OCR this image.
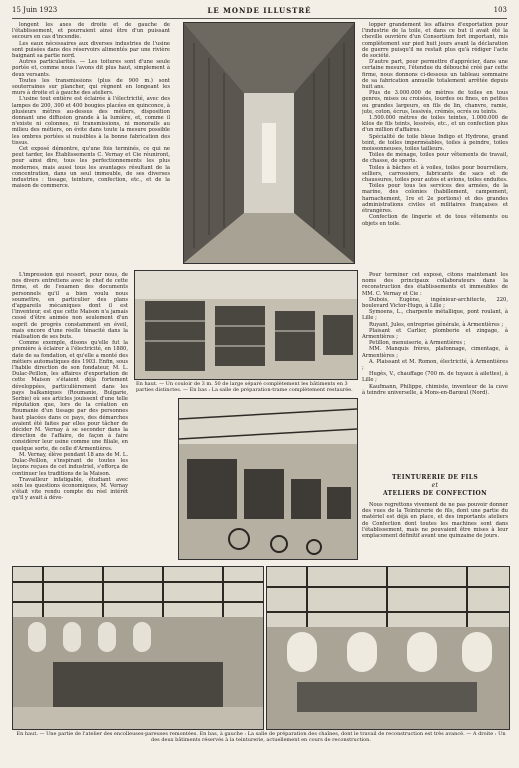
15 Juin 1923	LE MONDE ILLUSTRÉ	103

longent les axes de droite et de gauche de l'établissement, et pourraient ainsi être d'un puissant secours en cas d'incendie.

Les eaux nécessaires aux diverses industries de l'usine sont puisées dans des réservoirs alimentés par une rivière baignant sa partie nord.

Autres particularités. — Les toitures sont d'une seule portée et, comme nous l'avons dit plus haut, simplement à deux versants.

Toutes les transmissions (plus de 900 m.) sont souterraines sur plancher, qui règnent en longeant les murs à droite et à gauche des ateliers.

L'usine tout entière est éclairée à l'électricité, avec des lampes de 200, 300 et 400 bougies placées en quinconce, à plusieurs mètres au-dessus des métiers, disposition donnant une diffusion grande à la lumière, et, comme il n'existe ni colonnes, ni transmissions, ni monorails au milieu des métiers, on évite dans toute la mesure possible les ombres portées si nuisibles à la bonne fabrication des tissus.

Cet exposé démontre, qu'une fois terminés, ce qui ne peut tarder, les Établissements C. Vernay et Cie réuniront, pour ainsi dire, tous les perfectionnements les plus modernes, mais aussi tous les avantages résultant de la concentration, dans un seul immeuble, de ses diverses industries : tissage, teinture, confection, etc., et de la maison de commerce.

lopper grandement les affaires d'exportation pour l'industrie de la toile, et dans ce but il avait été la cheville ouvrière d'un Consortium fort important, mis complètement sur pied huit jours avant la déclaration de guerre puisqu'il ne restait plus qu'à rédiger l'acte de société.

D'autre part, pour permettre d'apprécier, dans une certaine mesure, l'étendue du débouché créé par cette firme, nous donnons ci-dessous un tableau sommaire de sa fabrication annuelle totalement arrêtée depuis huit ans.

Plus de 3.000.000 de mètres de toiles en tous genres, mises ou croisées, lourdes ou fines, en petites ou grandes largeurs, en fils de lin, chanvre, ramie, jute, coton, écrus, lessivés, crémés, ocrés ou teints.

1.500.000 mètres de toiles teintes, 1.000.000 de kilos de fils teints, lessivés, etc., et un confection plus d'un million d'affaires.

Spécialité de toile bleue Indigo et Hydrone, grand teint, de toiles imperméables, toiles à peindre, toiles moissonneuses, toiles tailleurs.

Toiles de ménage, toiles pour vêtements de travail, de chasse, de sports.

Toiles à bâches et à voiles, toiles pour bourreliers, selliers, carrossiers, fabricants de sacs et de chaussures, toiles pour autos et avions, toiles enduites.

Toiles pour tous les services des armées, de la marine, des colonies (habillement, campement, harnachement, 1re et 2e portions) et des grandes administrations civiles et militaires françaises et étrangères.

Confection de lingerie et de tous vêtements ou objets en toile.

L'impression qui ressort, pour nous, de nos divers entretiens avec le chef de cette firme, et de l'examen des documents personnels qu'il a bien voulu nous soumettre, en particulier des plans d'appareils mécaniques dont il est l'inventeur, est que cette Maison n'a jamais cessé d'être animée non seulement d'un esprit de progrès constamment en éveil, mais encore d'une réelle ténacité dans la réalisation de ses buts.

Comme exemple, disons qu'elle fut la première à éclairer à l'électricité, en 1880, date de sa fondation, et qu'elle a monté des métiers automatiques dès 1903. Enfin, sous l'habile direction de son fondateur, M. L. Dulac-Peillon, les affaires d'exportation de cette Maison s'étaient déjà fortement développées, particulièrement dans les pays balkaniques (Roumanie, Bulgarie, Serbie) où ses articles jouissent d'une telle réputation que, lors de la création en Roumanie d'un tissage par des personnes haut placées dans ce pays, des démarches avaient été faites par elles pour tâcher de décider M. Vernay à se seconder dans la direction de l'affaire, de façon à faire considérer leur usine comme une filiale, en quelque sorte, de celle d'Armentières.

M. Vernay, élève pendant 18 ans de M. L. Dulac-Peillon, s'inspirant de toutes les leçons reçues de cet industriel, s'efforça de continuer les traditions de la Maison.

Travailleur infatigable, étudiant avec soin les questions économiques, M. Vernay s'était vite rendu compte du réel intérêt qu'il y avait à déve-

En haut. — Un couloir de 3 m. 50 de large séparé complètement les bâtiments en 3 parties distinctes. — En bas : La salle de préparation-trame complètement restaurée.

Pour terminer cet exposé, citons maintenant les noms des principaux collaborateurs dans la reconstruction des établissements et immeubles de MM. C. Vernay et Cie :

Dubois, Eugène, ingénieur-architecte, 220, boulevard Victor-Hugo, à Lille ;

Symoens, L., charpente métallique, pont roulant, à Lille ;

Ruyant, Jules, entreprise générale, à Armentières ;

Plaisant et Carlier, plomberie et zingage, à Armentières ;

Petillon, menuiserie, à Armentières ;

MM. Manquis frères, plafonnage, cimentage, à Armentières ;

A. Plaissant et M. Romon, électricité, à Armentières ;

Hugès, V., chauffage (700 m. de tuyaux à ailettes), à Lille ;

Kaufmann, Philippe, chimiste, inventeur de la cuve à teindre universelle, à Mons-en-Barœul (Nord).

TEINTURERIE DE FILS
et
ATELIERS DE CONFECTION

Nous regrettons vivement de ne pas pouvoir donner des vues de la Teinturerie de fils, dont une partie du matériel est déjà en place, et des importants ateliers de Confection dont toutes les machines sont dans l'établissement, mais ne pouvaient être mises à leur emplacement définitif avant une quinzaine de jours.

En haut. — Une partie de l'atelier des encolleuses-pareuses remontées. En bas, à gauche : La salle de préparation des chaînes, dont le travail de reconstruction est très avancé. — A droite : Un des deux bâtiments réservés à la teinturerie, actuellement en cours de reconstruction.
